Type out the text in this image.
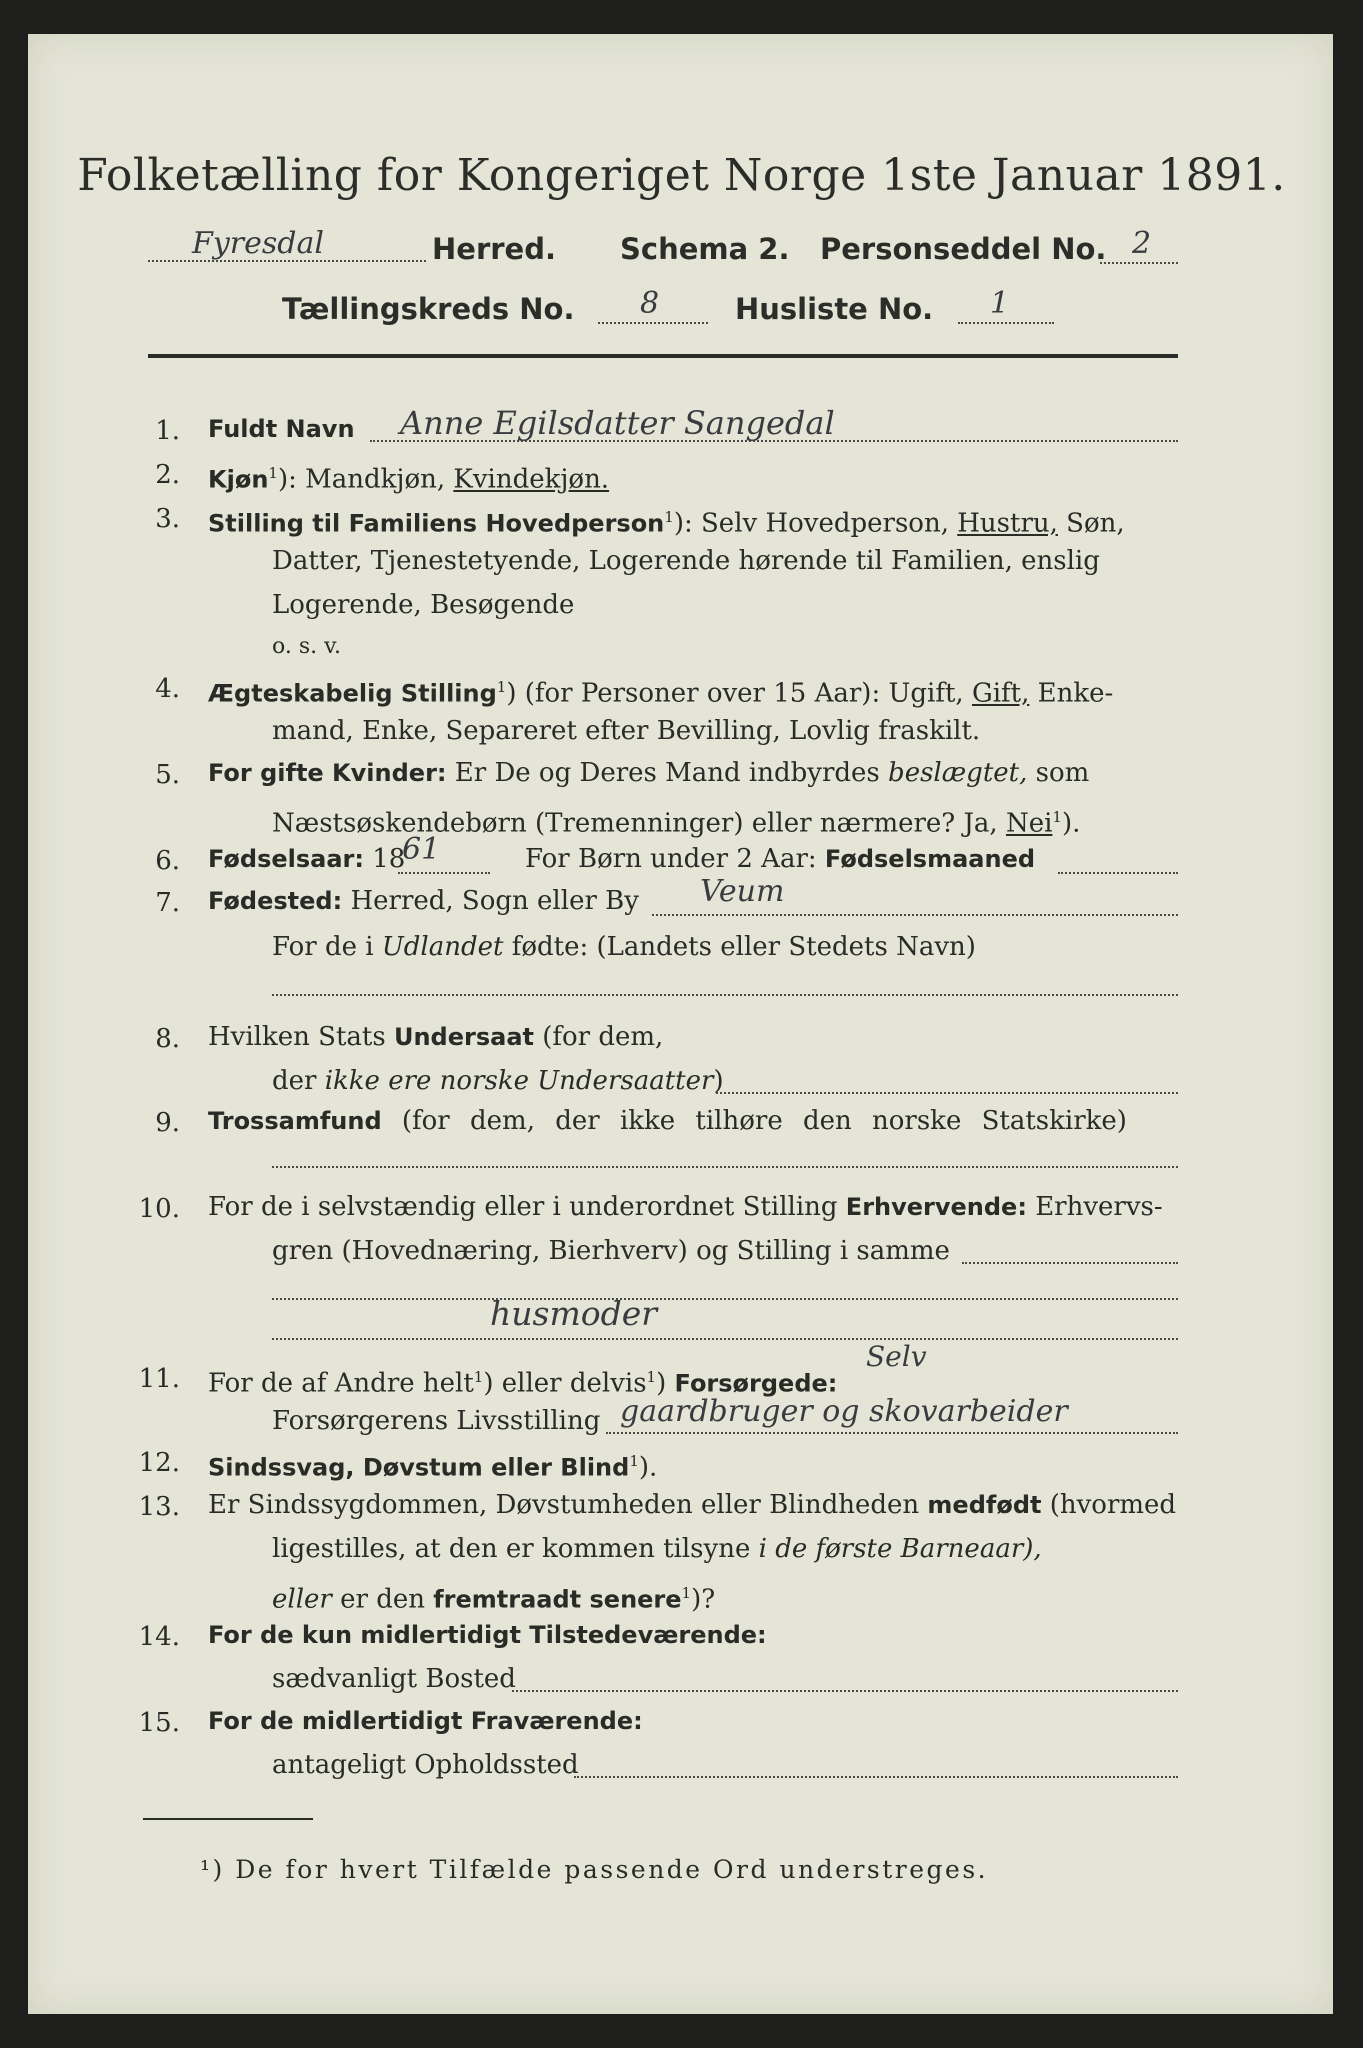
Folketælling for Kongeriget Norge 1ste Januar 1891.
Fyresdal	Herred. Schema 2. Personseddel No. 2
Tællingskreds No. 8	Husliste No. 1
1. Fuldt Navn Anne Egilsdatter Sangedal
2. Kjøn$^1$): Mandkjøn, Kvindekjøn.
3. Stilling til Familiens Hovedperson$^1$): Selv Hovedperson, Hustru, Søn,
Datter, Tjenestetyende, Logerende hørende til Familien, enslig
Logerende, Besøgende
o. s. v.
4. Ægteskabelig Stilling$^1$) (for Personer over 15 Aar): Ugift, Gift, Enke-
mand, Enke, Separeret efter Bevilling, Lovlig fraskilt.
5. For gifte Kvinder: Er De og Deres Mand indbyrdes beslægtet, som
Næstsøskendebørn (Tremenninger) eller nærmere? Ja, Nei$^1$).
6. Fødselsaar: 18
61	For Børn under 2 Aar: Fødselsmaaned
7. Fødested: Herred, Sogn eller By Veum
For de i Udlandet fødte: (Landets eller Stedets Navn)
8. Hvilken Stats Undersaat (for dem,
der ikke ere norske Undersaatter)
9. Trossamfund (for dem, der ikke tilhøre den norske Statskirke)
10. For de i selvstændig eller i underordnet Stilling Erhvervende: Erhvervs-
gren (Hovednæring, Bierhverv) og Stilling i samme
husmoder
11. For de af Andre helt$^1$) eller delvis$^1$) Forsørgede:
Selv
Forsørgerens Livsstilling gaardbruger og skovarbeider
12. Sindssvag, Døvstum eller Blind$^1$).
13. Er Sindssygdommen, Døvstumheden eller Blindheden medfødt (hvormed
ligestilles, at den er kommen tilsyne i de første Barneaar),
eller er den fremtraadt senere$^1$)?
14. For de kun midlertidigt Tilstedeværende:
sædvanligt Bosted
15. For de midlertidigt Fraværende:
antageligt Opholdssted
¹) De for hvert Tilfælde passende Ord understreges.
